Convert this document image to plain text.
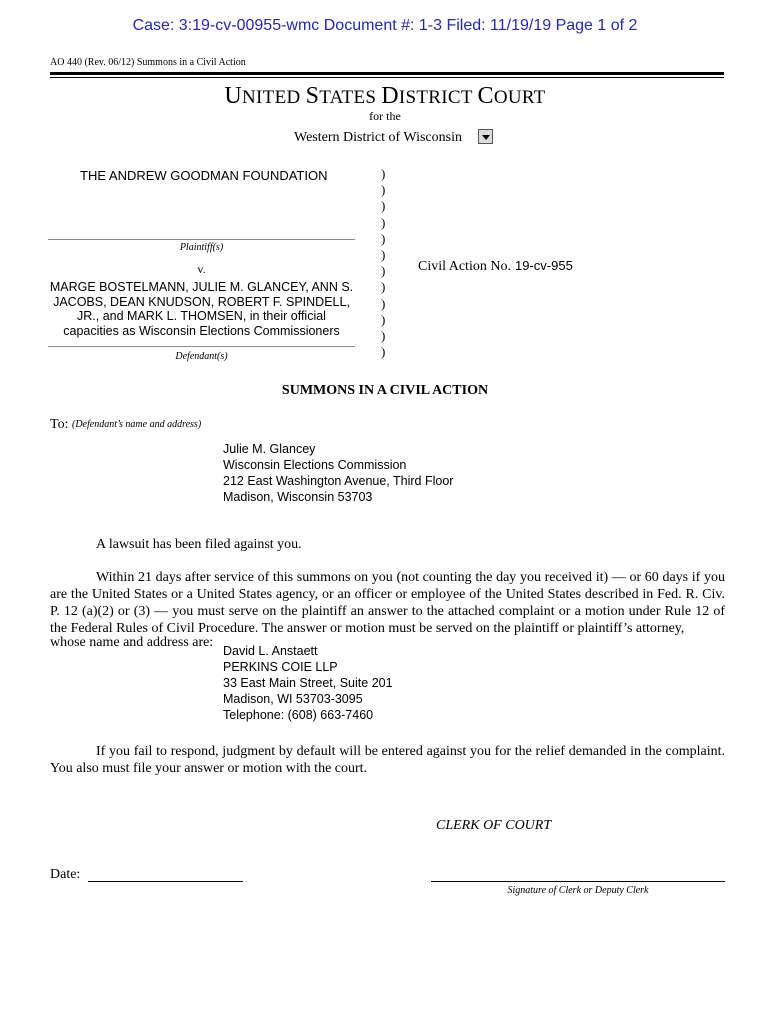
Case: 3:19-cv-00955-wmc Document #: 1-3 Filed: 11/19/19 Page 1 of 2
AO 440 (Rev. 06/12) Summons in a Civil Action
UNITED STATES DISTRICT COURT
for the
Western District of Wisconsin
THE ANDREW GOODMAN FOUNDATION	)
)
)
)
)
)
)
)
)
)
)
)
Plaintiff(s)
v.
MARGE BOSTELMANN, JULIE M. GLANCEY, ANN S. JACOBS, DEAN KNUDSON, ROBERT F. SPINDELL, JR., and MARK L. THOMSEN, in their official capacities as Wisconsin Elections Commissioners
Defendant(s)
Civil Action No. 19-cv-955
SUMMONS IN A CIVIL ACTION
To: (Defendant’s name and address)
Julie M. Glancey
Wisconsin Elections Commission
212 East Washington Avenue, Third Floor
Madison, Wisconsin 53703
A lawsuit has been filed against you.
Within 21 days after service of this summons on you (not counting the day you received it) — or 60 days if you are the United States or a United States agency, or an officer or employee of the United States described in Fed. R. Civ. P. 12 (a)(2) or (3) — you must serve on the plaintiff an answer to the attached complaint or a motion under Rule 12 of the Federal Rules of Civil Procedure. The answer or motion must be served on the plaintiff or plaintiff’s attorney,
whose name and address are:
David L. Anstaett
PERKINS COIE LLP
33 East Main Street, Suite 201
Madison, WI 53703-3095
Telephone: (608) 663-7460
If you fail to respond, judgment by default will be entered against you for the relief demanded in the complaint. You also must file your answer or motion with the court.
CLERK OF COURT
Date:
Signature of Clerk or Deputy Clerk
